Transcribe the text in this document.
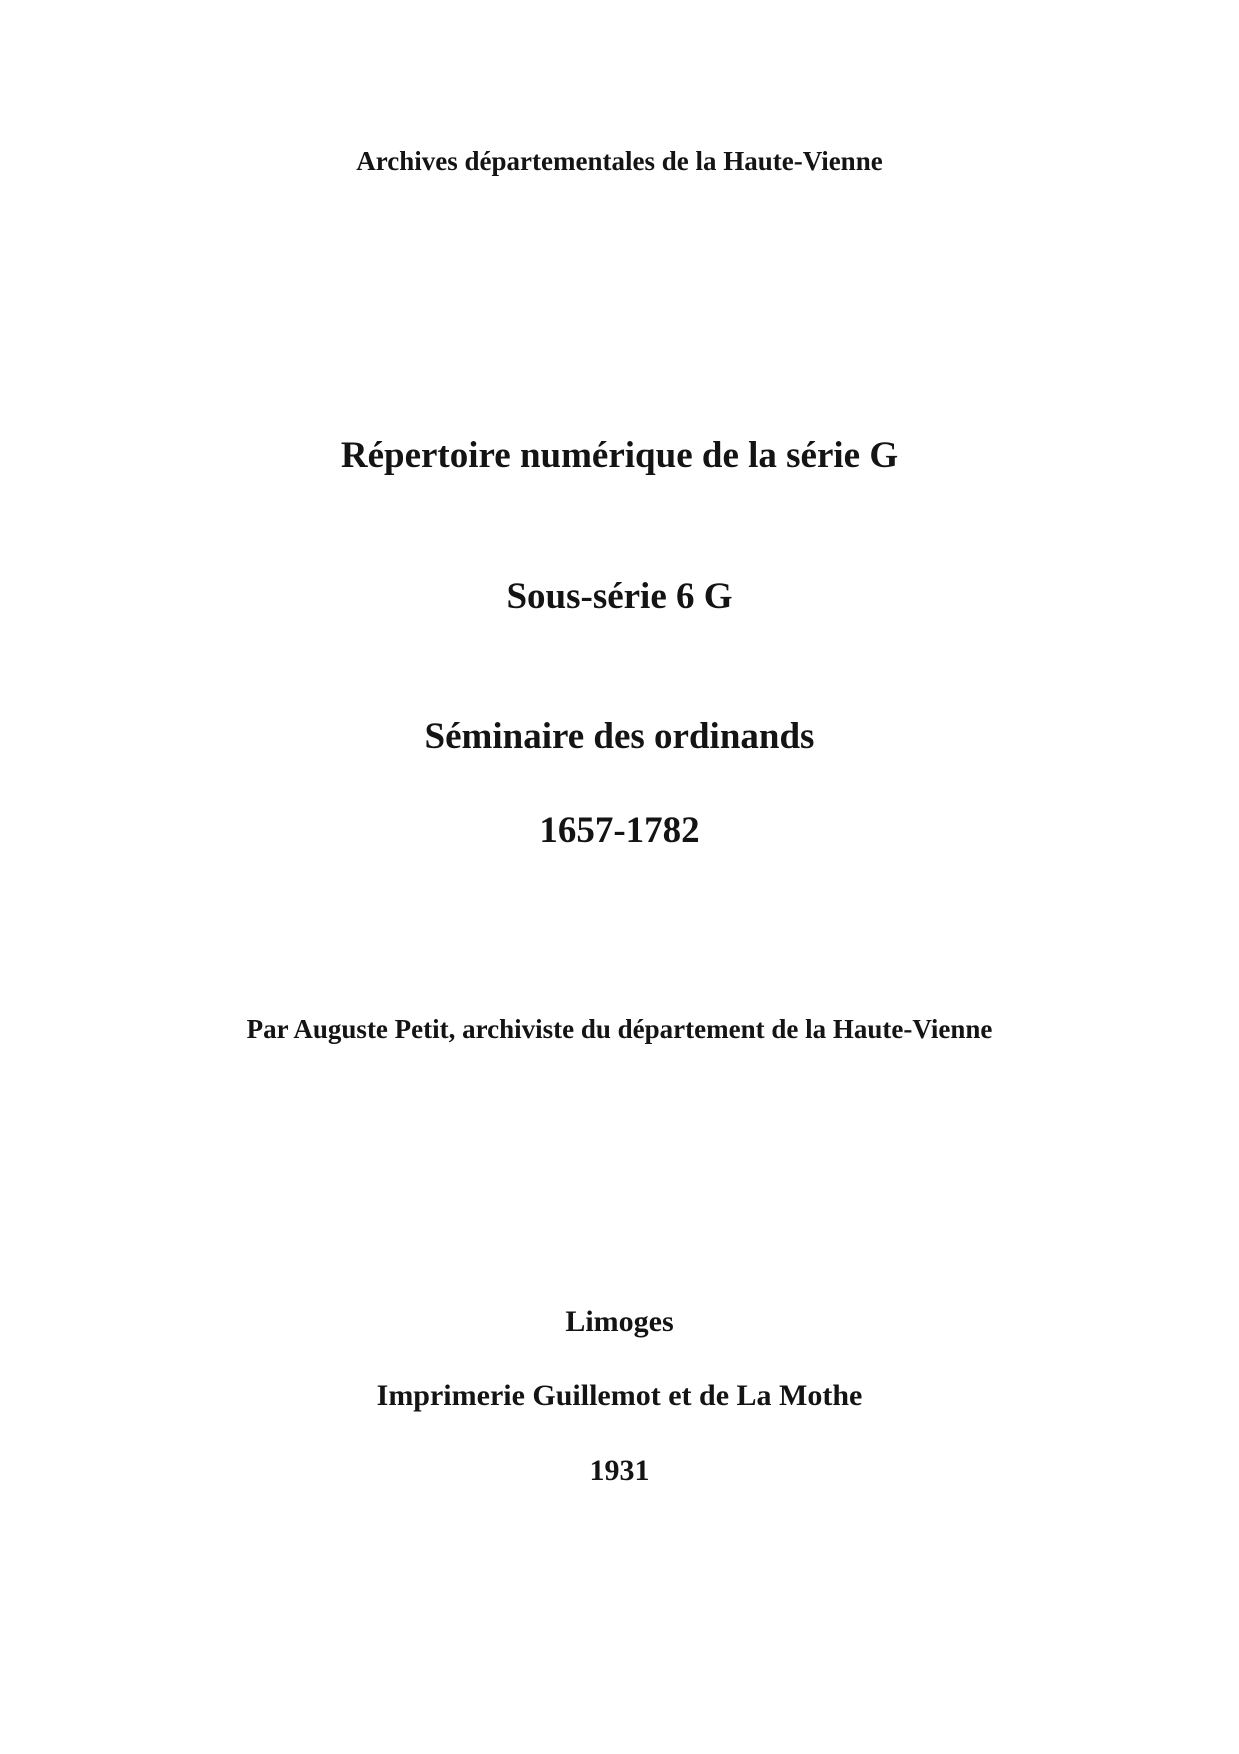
Archives départementales de la Haute-Vienne
Répertoire numérique de la série G
Sous-série 6 G
Séminaire des ordinands
1657-1782
Par Auguste Petit, archiviste du département de la Haute-Vienne
Limoges
Imprimerie Guillemot et de La Mothe
1931
